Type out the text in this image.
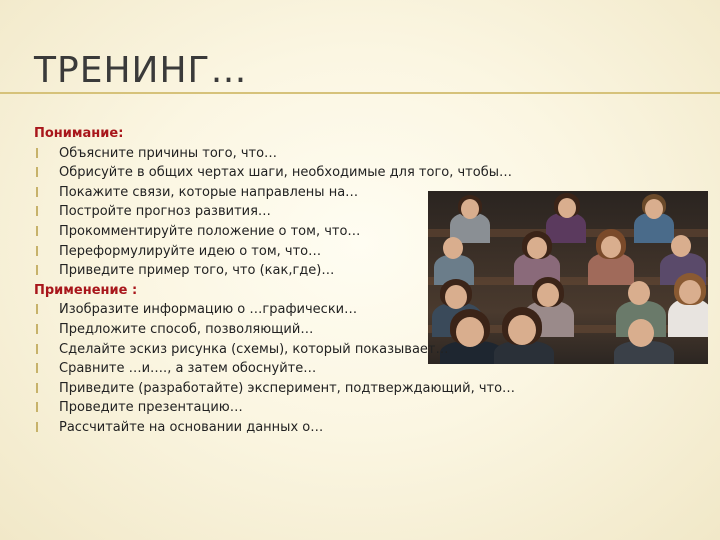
ТРЕНИНГ…
Понимание:
Объясните причины того, что…
Обрисуйте в общих чертах шаги, необходимые для того, чтобы…
Покажите связи, которые направлены на…
Постройте прогноз развития…
Прокомментируйте положение о том, что…
Переформулируйте идею о том, что…
Приведите пример того, что (как,где)…
Применение :
Изобразите информацию о …графически…
Предложите способ, позволяющий…
Сделайте эскиз рисунка (схемы), который показывает…
Сравните …и…., а затем обоснуйте…
Приведите (разработайте) эксперимент, подтверждающий, что…
Проведите презентацию…
Рассчитайте на основании данных о…
